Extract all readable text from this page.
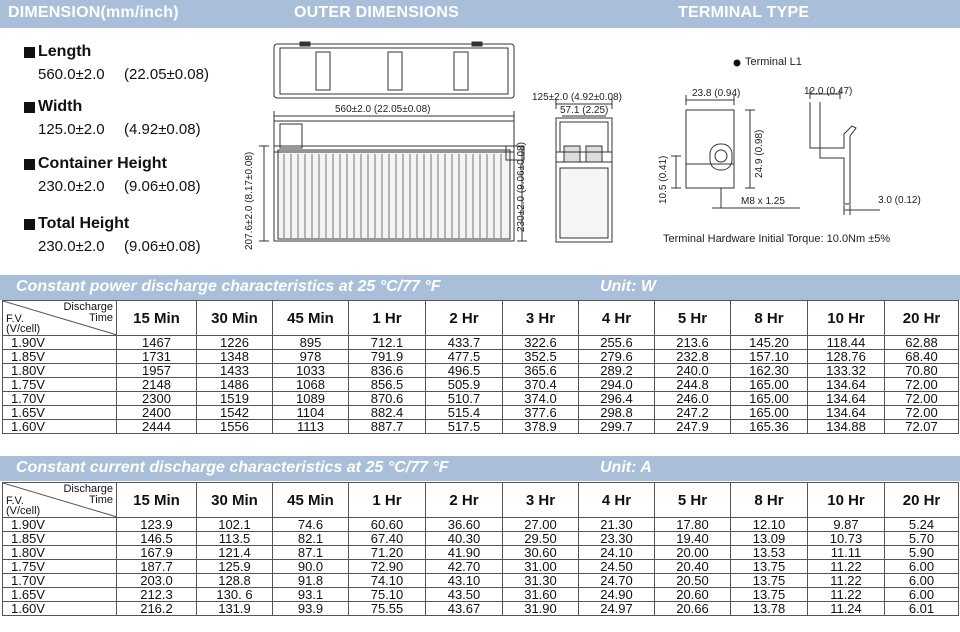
DIMENSION(mm/inch)	OUTER DIMENSIONS	TERMINAL TYPE
Length
560.0±2.0 (22.05±0.08)
Width
125.0±2.0 (4.92±0.08)
Container Height
230.0±2.0 (9.06±0.08)
Total Height
230.0±2.0 (9.06±0.08)
560±2.0 (22.05±0.08)
207.6±2.0 (8.17±0.08)	230±2.0 (9.06±0.08)
125±2.0 (4.92±0.08)
57.1 (2.25)
Terminal L1
23.8 (0.94)
24.9 (0.98)
10.5 (0.41)	M8 x 1.25
12.0 (0.47)
3.0 (0.12)
Terminal Hardware Initial Torque: 10.0Nm ±5%
Constant power discharge characteristics at 25 °C/77 °F	Unit: W
Discharge
Time
F.V.
(V/cell)	15 Min	30 Min	45 Min	1 Hr	2 Hr	3 Hr	4 Hr	5 Hr	8 Hr	10 Hr	20 Hr
1.90V	1467	1226	895	712.1	433.7	322.6	255.6	213.6	145.20	118.44	62.88
1.85V	1731	1348	978	791.9	477.5	352.5	279.6	232.8	157.10	128.76	68.40
1.80V	1957	1433	1033	836.6	496.5	365.6	289.2	240.0	162.30	133.32	70.80
1.75V	2148	1486	1068	856.5	505.9	370.4	294.0	244.8	165.00	134.64	72.00
1.70V	2300	1519	1089	870.6	510.7	374.0	296.4	246.0	165.00	134.64	72.00
1.65V	2400	1542	1104	882.4	515.4	377.6	298.8	247.2	165.00	134.64	72.00
1.60V	2444	1556	1113	887.7	517.5	378.9	299.7	247.9	165.36	134.88	72.07
Constant current discharge characteristics at 25 °C/77 °F	Unit: A
Discharge
Time
F.V.
(V/cell)	15 Min	30 Min	45 Min	1 Hr	2 Hr	3 Hr	4 Hr	5 Hr	8 Hr	10 Hr	20 Hr
1.90V	123.9	102.1	74.6	60.60	36.60	27.00	21.30	17.80	12.10	9.87	5.24
1.85V	146.5	113.5	82.1	67.40	40.30	29.50	23.30	19.40	13.09	10.73	5.70
1.80V	167.9	121.4	87.1	71.20	41.90	30.60	24.10	20.00	13.53	11.11	5.90
1.75V	187.7	125.9	90.0	72.90	42.70	31.00	24.50	20.40	13.75	11.22	6.00
1.70V	203.0	128.8	91.8	74.10	43.10	31.30	24.70	20.50	13.75	11.22	6.00
1.65V	212.3	130. 6	93.1	75.10	43.50	31.60	24.90	20.60	13.75	11.22	6.00
1.60V	216.2	131.9	93.9	75.55	43.67	31.90	24.97	20.66	13.78	11.24	6.01
